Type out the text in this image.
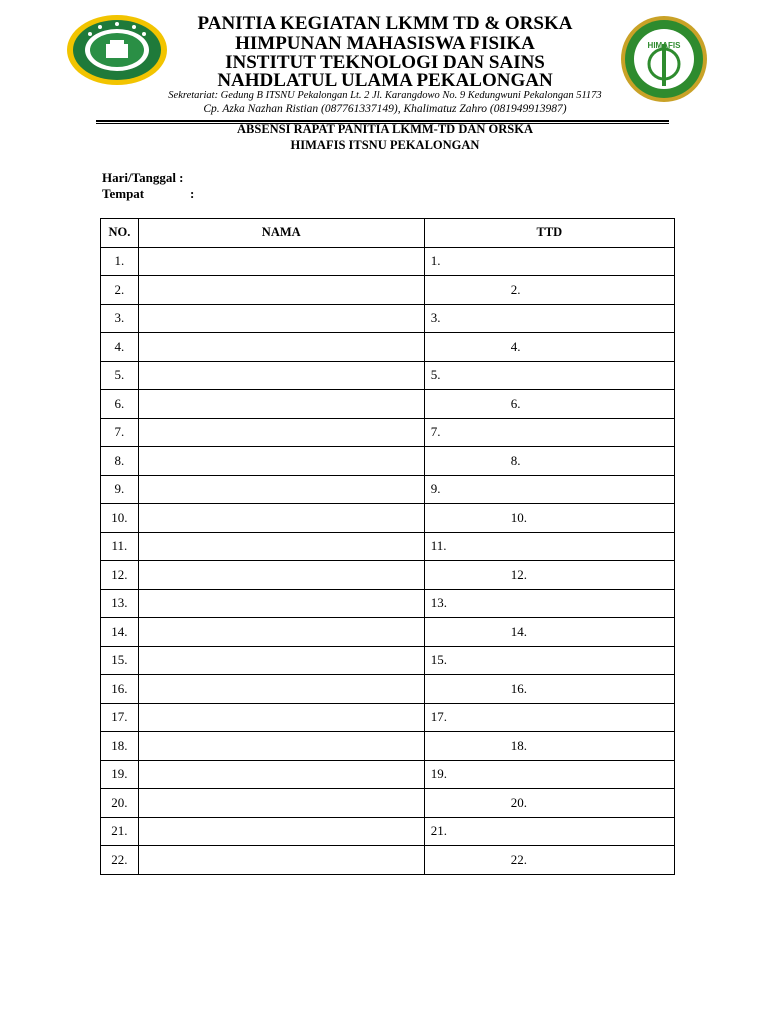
HIMAFIS
PANITIA KEGIATAN LKMM TD & ORSKA
HIMPUNAN MAHASISWA FISIKA
INSTITUT TEKNOLOGI DAN SAINS
NAHDLATUL ULAMA PEKALONGAN
Sekretariat: Gedung B ITSNU Pekalongan Lt. 2 Jl. Karangdowo No. 9 Kedungwuni Pekalongan 51173
Cp. Azka Nazhan Ristian (087761337149), Khalimatuz Zahro (081949913987)
ABSENSI RAPAT PANITIA LKMM-TD DAN ORSKA
HIMAFIS ITSNU PEKALONGAN
Hari/Tanggal :
Tempat	:
NO.	NAMA	TTD
1.		1.
2.		2.
3.		3.
4.		4.
5.		5.
6.		6.
7.		7.
8.		8.
9.		9.
10.		10.
11.		11.
12.		12.
13.		13.
14.		14.
15.		15.
16.		16.
17.		17.
18.		18.
19.		19.
20.		20.
21.		21.
22.		22.
